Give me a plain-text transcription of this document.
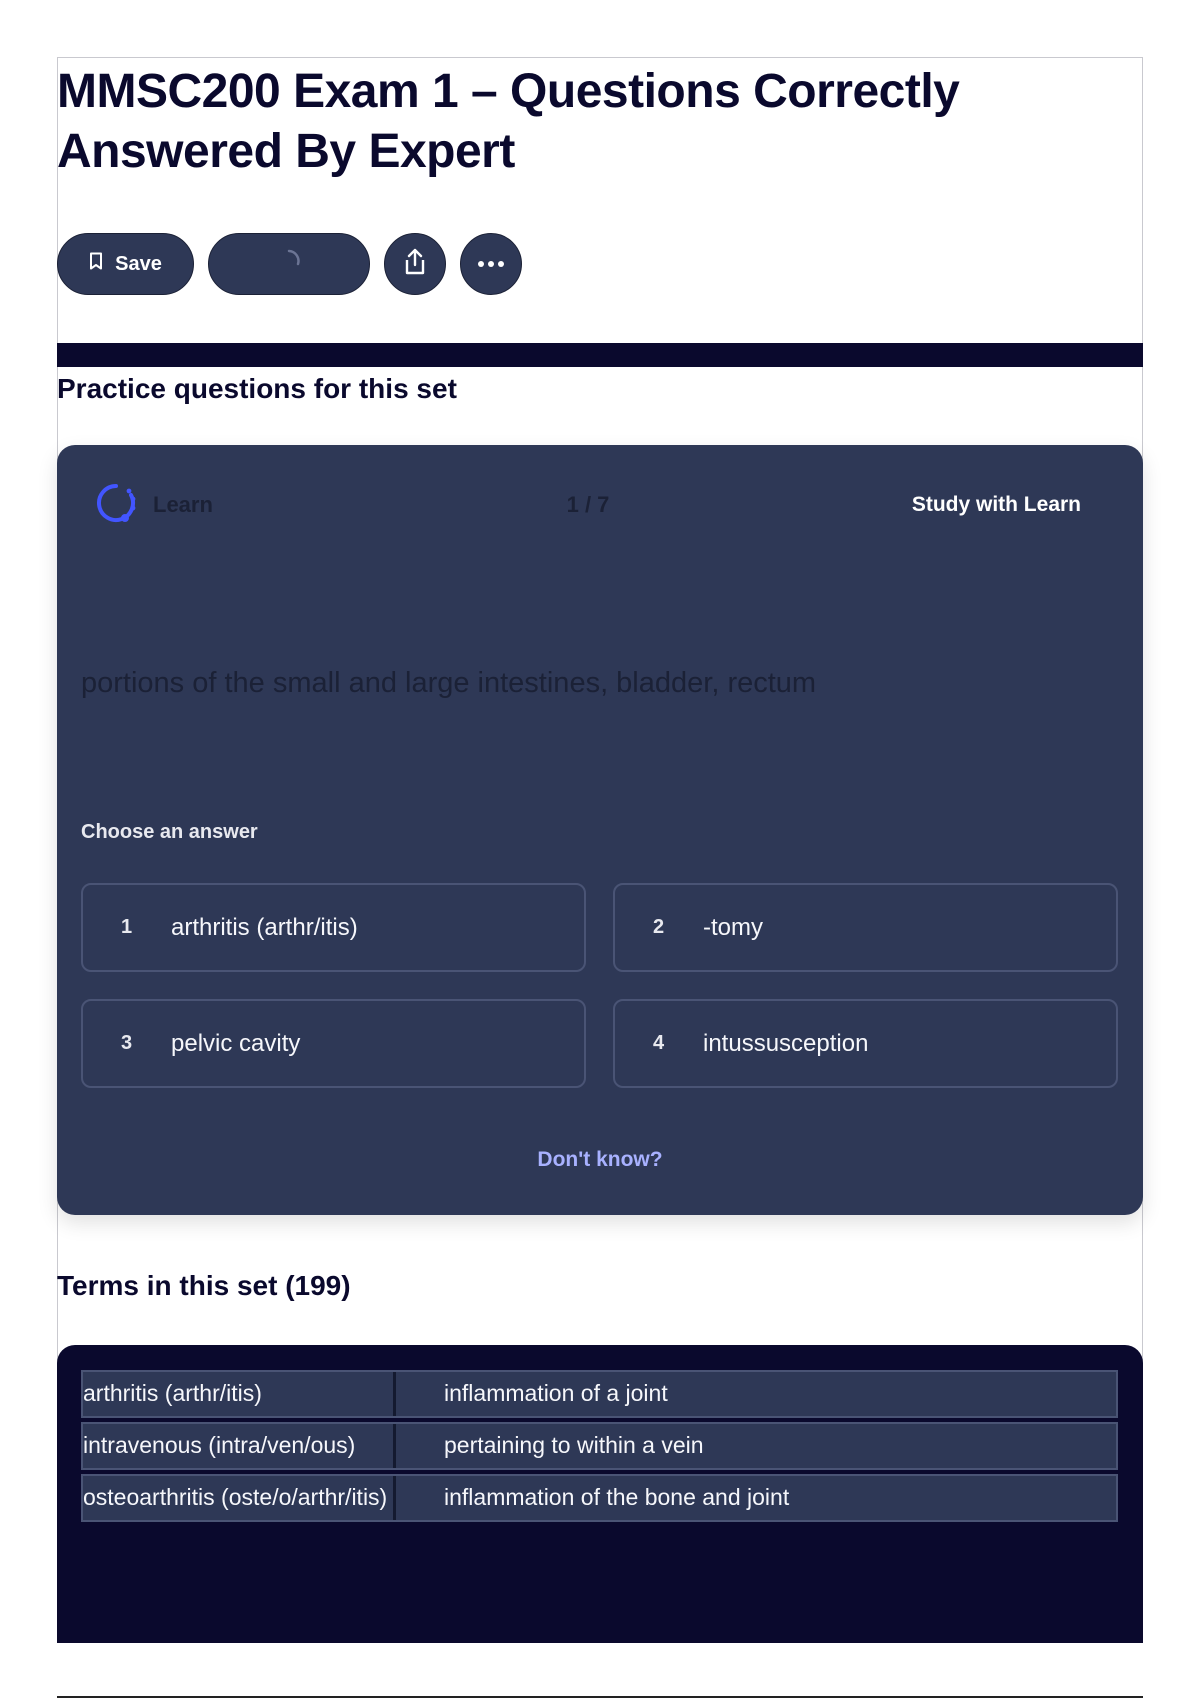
MMSC200 Exam 1 – Questions Correctly Answered By Expert
Save
Practice questions for this set
Learn	1 / 7	Study with Learn
portions of the small and large intestines, bladder, rectum
Choose an answer
1	arthritis (arthr/itis)	2	-tomy
3	pelvic cavity	4	intussusception
Don't know?
Terms in this set (199)
arthritis (arthr/itis)	inflammation of a joint
intravenous (intra/ven/ous)	pertaining to within a vein
osteoarthritis (oste/o/arthr/itis)	inflammation of the bone and joint
